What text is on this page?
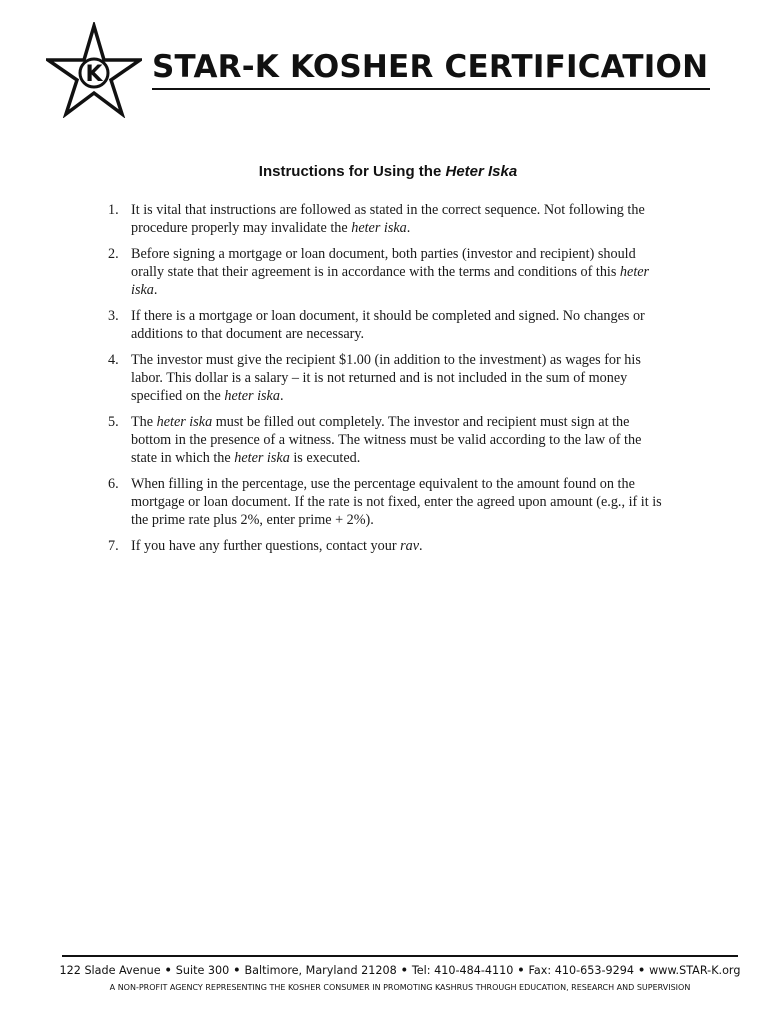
K STAR-K KOSHER CERTIFICATION
Instructions for Using the Heter Iska
1. It is vital that instructions are followed as stated in the correct sequence. Not following the procedure properly may invalidate the heter iska.
2. Before signing a mortgage or loan document, both parties (investor and recipient) should orally state that their agreement is in accordance with the terms and conditions of this heter iska.
3. If there is a mortgage or loan document, it should be completed and signed. No changes or additions to that document are necessary.
4. The investor must give the recipient $1.00 (in addition to the investment) as wages for his labor. This dollar is a salary – it is not returned and is not included in the sum of money specified on the heter iska.
5. The heter iska must be filled out completely. The investor and recipient must sign at the bottom in the presence of a witness. The witness must be valid according to the law of the state in which the heter iska is executed.
6. When filling in the percentage, use the percentage equivalent to the amount found on the mortgage or loan document. If the rate is not fixed, enter the agreed upon amount (e.g., if it is the prime rate plus 2%, enter prime + 2%).
7. If you have any further questions, contact your rav.
122 Slade Avenue • Suite 300 • Baltimore, Maryland 21208 • Tel: 410-484-4110 • Fax: 410-653-9294 • www.STAR-K.org
A NON-PROFIT AGENCY REPRESENTING THE KOSHER CONSUMER IN PROMOTING KASHRUS THROUGH EDUCATION, RESEARCH AND SUPERVISION
